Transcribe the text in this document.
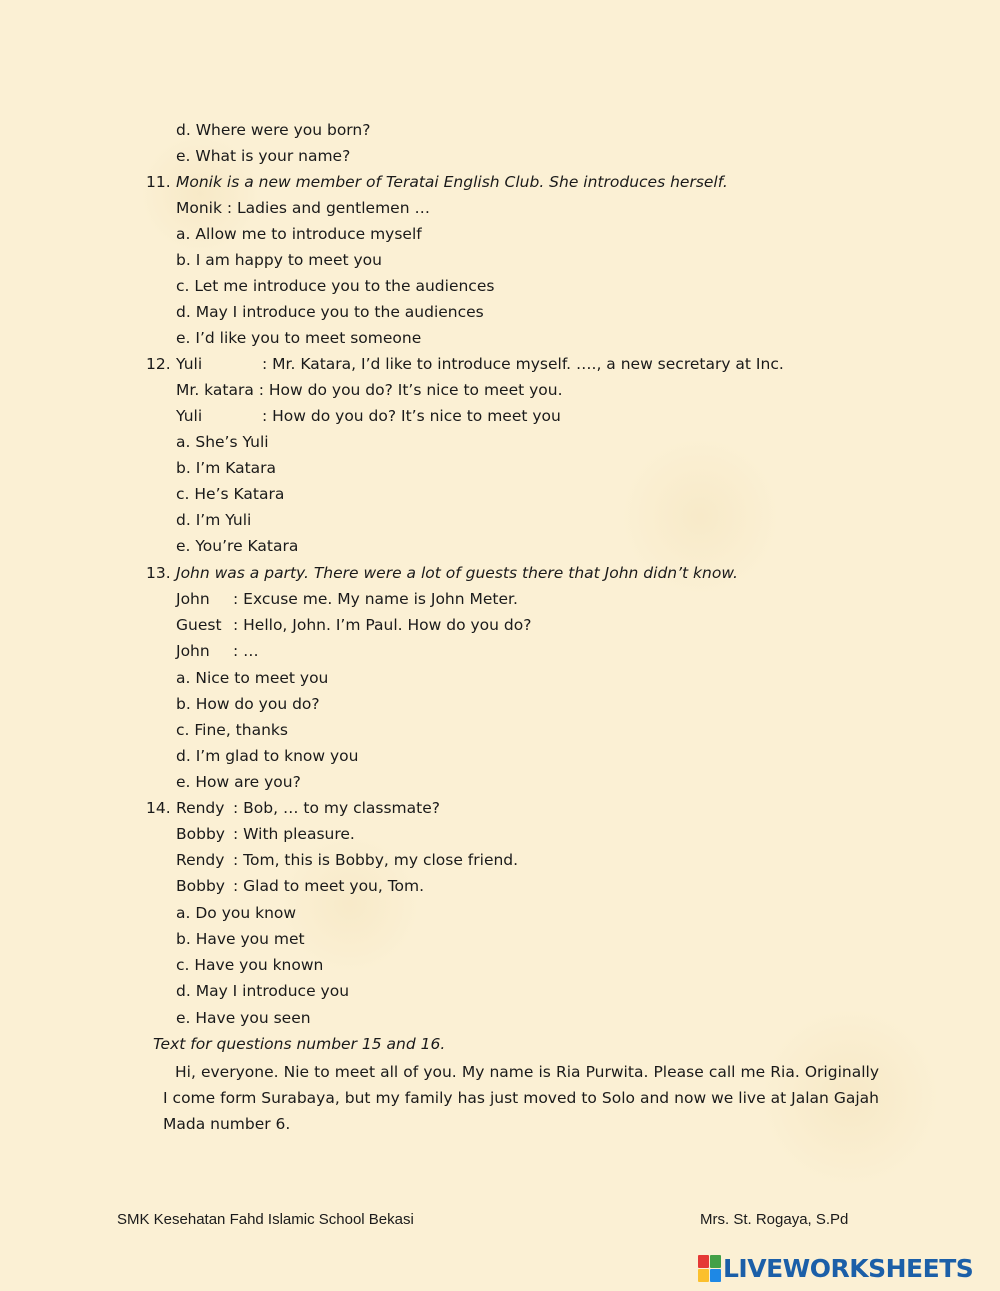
d. Where were you born?
e. What is your name?
11. Monik is a new member of Teratai English Club. She introduces herself.
Monik : Ladies and gentlemen …
a. Allow me to introduce myself
b. I am happy to meet you
c. Let me introduce you to the audiences
d. May I introduce you to the audiences
e. I’d like you to meet someone
12. Yuli	: Mr. Katara, I’d like to introduce myself. …., a new secretary at Inc.
Mr. katara : How do you do? It’s nice to meet you.
Yuli	: How do you do? It’s nice to meet you
a. She’s Yuli
b. I’m Katara
c. He’s Katara
d. I’m Yuli
e. You’re Katara
13. John was a party. There were a lot of guests there that John didn’t know.
John : Excuse me. My name is John Meter.
Guest : Hello, John. I’m Paul. How do you do?
John : …
a. Nice to meet you
b. How do you do?
c. Fine, thanks
d. I’m glad to know you
e. How are you?
14. Rendy : Bob, … to my classmate?
Bobby : With pleasure.
Rendy : Tom, this is Bobby, my close friend.
Bobby : Glad to meet you, Tom.
a. Do you know
b. Have you met
c. Have you known
d. May I introduce you
e. Have you seen
Text for questions number 15 and 16.
Hi, everyone. Nie to meet all of you. My name is Ria Purwita. Please call me Ria. Originally I come form Surabaya, but my family has just moved to Solo and now we live at Jalan Gajah Mada number 6.
SMK Kesehatan Fahd Islamic School Bekasi	Mrs. St. Rogaya, S.Pd
LIVEWORKSHEETS
